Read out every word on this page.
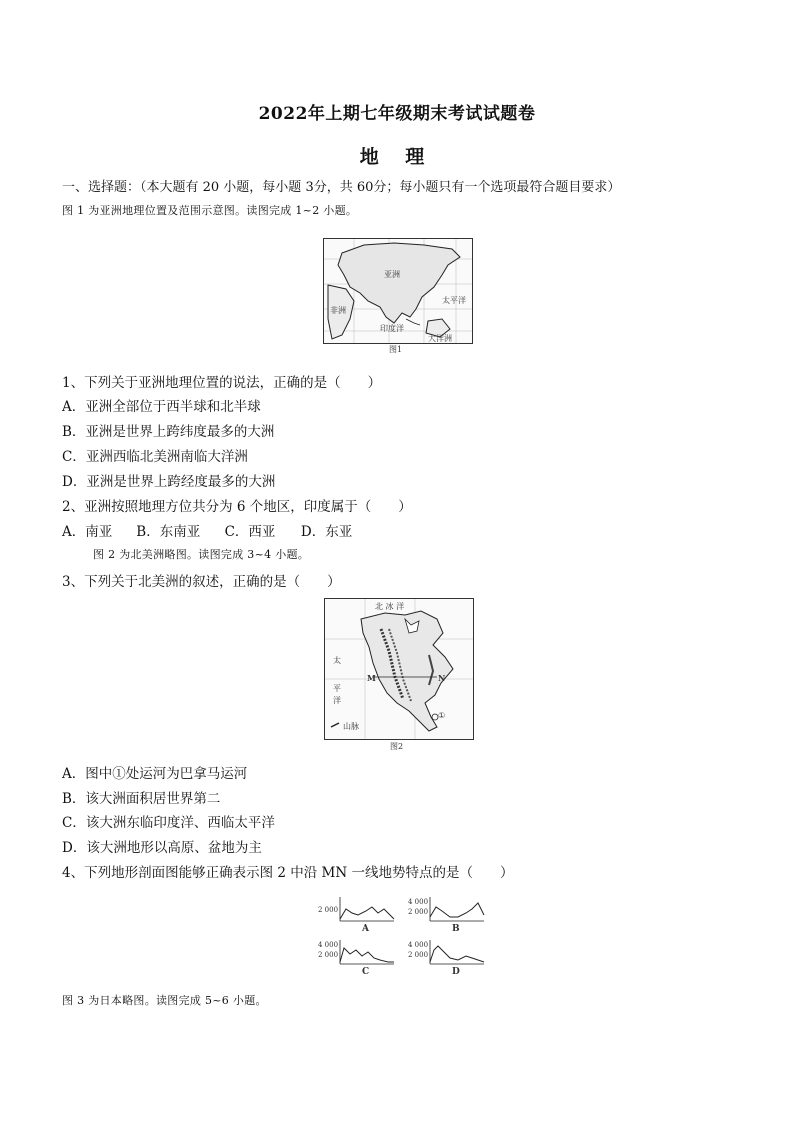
2022年上期七年级期末考试试题卷
地 理
一、选择题：（本大题有 20 小题，每小题 3分，共 60分；每小题只有一个选项最符合题目要求）
图 1 为亚洲地理位置及范围示意图。读图完成 1~2 小题。
亚洲
印度洋
太平洋
非洲
大洋洲
图1
1、下列关于亚洲地理位置的说法，正确的是（　　）
A．亚洲全部位于西半球和北半球
B．亚洲是世界上跨纬度最多的大洲
C．亚洲西临北美洲南临大洋洲
D．亚洲是世界上跨经度最多的大洲
2、亚洲按照地理方位共分为 6 个地区，印度属于（　　）
A．南亚 B．东南亚 C．西亚 D．东亚
图 2 为北美洲略图。读图完成 3~4 小题。
3、下列关于北美洲的叙述，正确的是（　　）
北 冰 洋
太
平
洋
M	N
①
山脉
图2
A．图中①处运河为巴拿马运河
B．该大洲面积居世界第二
C．该大洲东临印度洋、西临太平洋
D．该大洲地形以高原、盆地为主
4、下列地形剖面图能够正确表示图 2 中沿 MN 一线地势特点的是（　　）
2 000
A
4 000
2 000
B
4 000
2 000
C
4 000
2 000
D
图 3 为日本略图。读图完成 5~6 小题。
